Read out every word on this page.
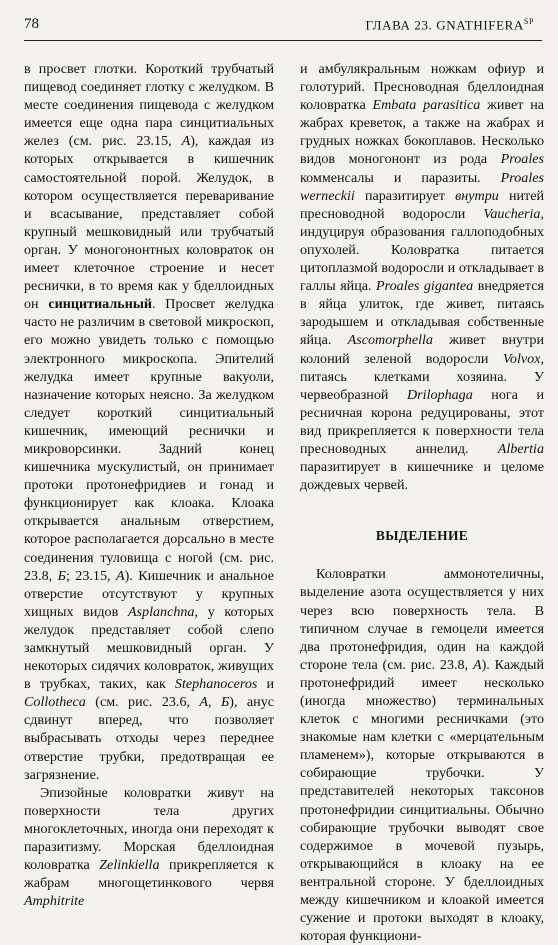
78	ГЛАВА 23. $GNATHIFERA^{SP}$

в просвет глотки. Короткий трубчатый пищевод соединяет глотку с желудком. В месте соединения пищевода с желудком имеется еще одна пара синцитиальных желез (см. рис. 23.15, А), каждая из которых открывается в кишечник самостоятельной порой. Желудок, в котором осуществляется переваривание и всасывание, представляет собой крупный мешковидный или трубчатый орган. У моногононтных коловраток он имеет клеточное строение и несет реснички, в то время как у бделлоидных он синцитиальный. Просвет желудка часто не различим в световой микроскоп, его можно увидеть только с помощью электронного микроскопа. Эпителий желудка имеет крупные вакуоли, назначение которых неясно. За желудком следует короткий синцитиальный кишечник, имеющий реснички и микроворсинки. Задний конец кишечника мускулистый, он принимает протоки протонефридиев и гонад и функционирует как клоака. Клоака открывается анальным отверстием, которое располагается дорсально в месте соединения туловища с ногой (см. рис. 23.8, Б; 23.15, А). Кишечник и анальное отверстие отсутствуют у крупных хищных видов Asplanchna, у которых желудок представляет собой слепо замкнутый мешковидный орган. У некоторых сидячих коловраток, живущих в трубках, таких, как Stephanoceros и Collotheca (см. рис. 23.6, А, Б), анус сдвинут вперед, что позволяет выбрасывать отходы через переднее отверстие трубки, предотвращая ее загрязнение.

Эпизойные коловратки живут на поверхности тела других многоклеточных, иногда они переходят к паразитизму. Морская бделлоидная коловратка Zelinkiella прикрепляется к жабрам многощетинкового червя Amphitrite

и амбулякральным ножкам офиур и голотурий. Пресноводная бделлоидная коловратка Embata parasitica живет на жабрах креветок, а также на жабрах и грудных ножках бокоплавов. Несколько видов моногононт из рода Proales комменсалы и паразиты. Proales werneckii паразитирует внутри нитей пресноводной водоросли Vaucheria, индуцируя образования галлоподобных опухолей. Коловратка питается цитоплазмой водоросли и откладывает в галлы яйца. Proales gigantea внедряется в яйца улиток, где живет, питаясь зародышем и откладывая собственные яйца. Ascomorphella живет внутри колоний зеленой водоросли Volvox, питаясь клетками хозяина. У червеобразной Drilophaga нога и ресничная корона редуцированы, этот вид прикрепляется к поверхности тела пресноводных аннелид. Albertia паразитирует в кишечнике и целоме дождевых червей.

ВЫДЕЛЕНИЕ

Коловратки аммонотеличны, выделение азота осуществляется у них через всю поверхность тела. В типичном случае в гемоцели имеется два протонефридия, один на каждой стороне тела (см. рис. 23.8, А). Каждый протонефридий имеет несколько (иногда множество) терминальных клеток с многими ресничками (это знакомые нам клетки с «мерцательным пламенем»), которые открываются в собирающие трубочки. У представителей некоторых таксонов протонефридии синцитиальны. Обычно собирающие трубочки выводят свое содержимое в мочевой пузырь, открывающийся в клоаку на ее вентральной стороне. У бделлоидных между кишечником и клоакой имеется сужение и протоки выходят в клоаку, которая функциони-
